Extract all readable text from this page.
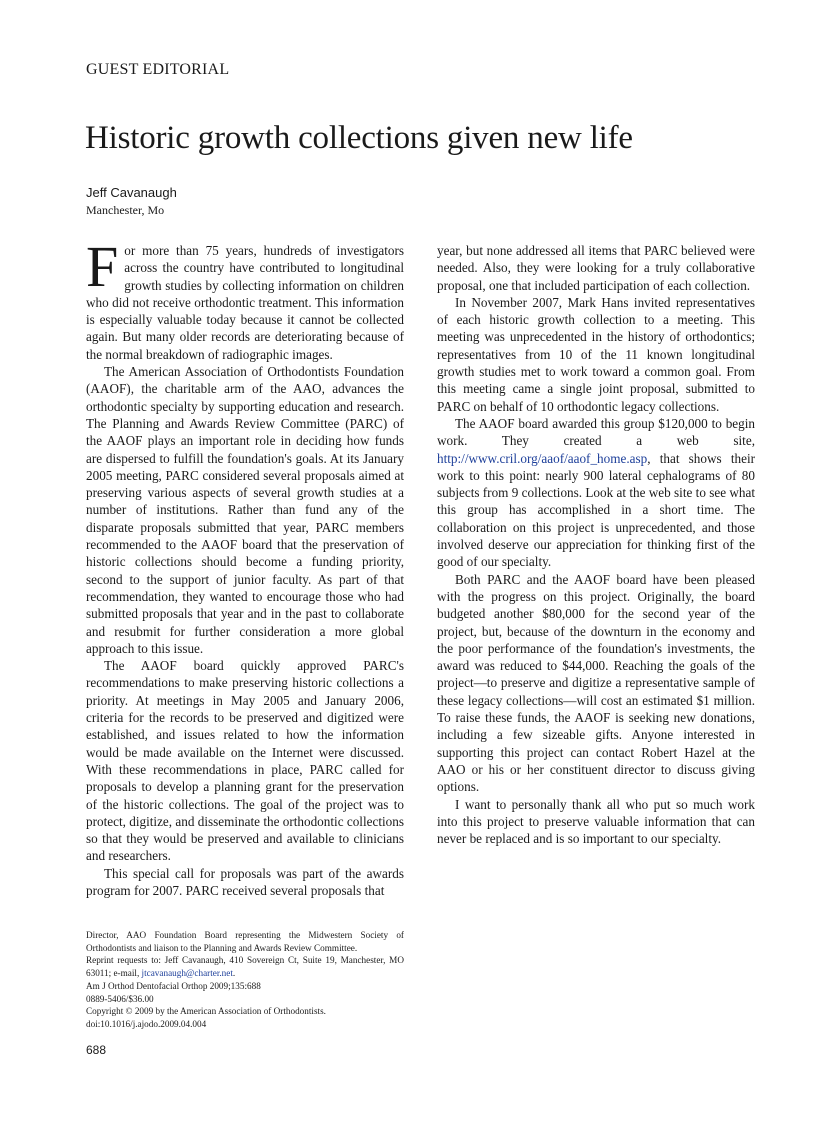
GUEST EDITORIAL
Historic growth collections given new life
Jeff Cavanaugh
Manchester, Mo

For more than 75 years, hundreds of investigators across the country have contributed to longitudinal growth studies by collecting information on children who did not receive orthodontic treatment. This information is especially valuable today because it cannot be collected again. But many older records are deteriorating because of the normal breakdown of radiographic images.

The American Association of Orthodontists Foundation (AAOF), the charitable arm of the AAO, advances the orthodontic specialty by supporting education and research. The Planning and Awards Review Committee (PARC) of the AAOF plays an important role in deciding how funds are dispersed to fulfill the foundation's goals. At its January 2005 meeting, PARC considered several proposals aimed at preserving various aspects of several growth studies at a number of institutions. Rather than fund any of the disparate proposals submitted that year, PARC members recommended to the AAOF board that the preservation of historic collections should become a funding priority, second to the support of junior faculty. As part of that recommendation, they wanted to encourage those who had submitted proposals that year and in the past to collaborate and resubmit for further consideration a more global approach to this issue.

The AAOF board quickly approved PARC's recommendations to make preserving historic collections a priority. At meetings in May 2005 and January 2006, criteria for the records to be preserved and digitized were established, and issues related to how the information would be made available on the Internet were discussed. With these recommendations in place, PARC called for proposals to develop a planning grant for the preservation of the historic collections. The goal of the project was to protect, digitize, and disseminate the orthodontic collections so that they would be preserved and available to clinicians and researchers.

This special call for proposals was part of the awards program for 2007. PARC received several proposals that

year, but none addressed all items that PARC believed were needed. Also, they were looking for a truly collaborative proposal, one that included participation of each collection.

In November 2007, Mark Hans invited representatives of each historic growth collection to a meeting. This meeting was unprecedented in the history of orthodontics; representatives from 10 of the 11 known longitudinal growth studies met to work toward a common goal. From this meeting came a single joint proposal, submitted to PARC on behalf of 10 orthodontic legacy collections.

The AAOF board awarded this group $120,000 to begin work. They created a web site, http://www.cril.org/aaof/aaof_home.asp, that shows their work to this point: nearly 900 lateral cephalograms of 80 subjects from 9 collections. Look at the web site to see what this group has accomplished in a short time. The collaboration on this project is unprecedented, and those involved deserve our appreciation for thinking first of the good of our specialty.

Both PARC and the AAOF board have been pleased with the progress on this project. Originally, the board budgeted another $80,000 for the second year of the project, but, because of the downturn in the economy and the poor performance of the foundation's investments, the award was reduced to $44,000. Reaching the goals of the project—to preserve and digitize a representative sample of these legacy collections—will cost an estimated $1 million. To raise these funds, the AAOF is seeking new donations, including a few sizeable gifts. Anyone interested in supporting this project can contact Robert Hazel at the AAO or his or her constituent director to discuss giving options.

I want to personally thank all who put so much work into this project to preserve valuable information that can never be replaced and is so important to our specialty.

Director, AAO Foundation Board representing the Midwestern Society of Orthodontists and liaison to the Planning and Awards Review Committee.
Reprint requests to: Jeff Cavanaugh, 410 Sovereign Ct, Suite 19, Manchester, MO 63011; e-mail, jtcavanaugh@charter.net.
Am J Orthod Dentofacial Orthop 2009;135:688
0889-5406/$36.00
Copyright © 2009 by the American Association of Orthodontists.
doi:10.1016/j.ajodo.2009.04.004
688
